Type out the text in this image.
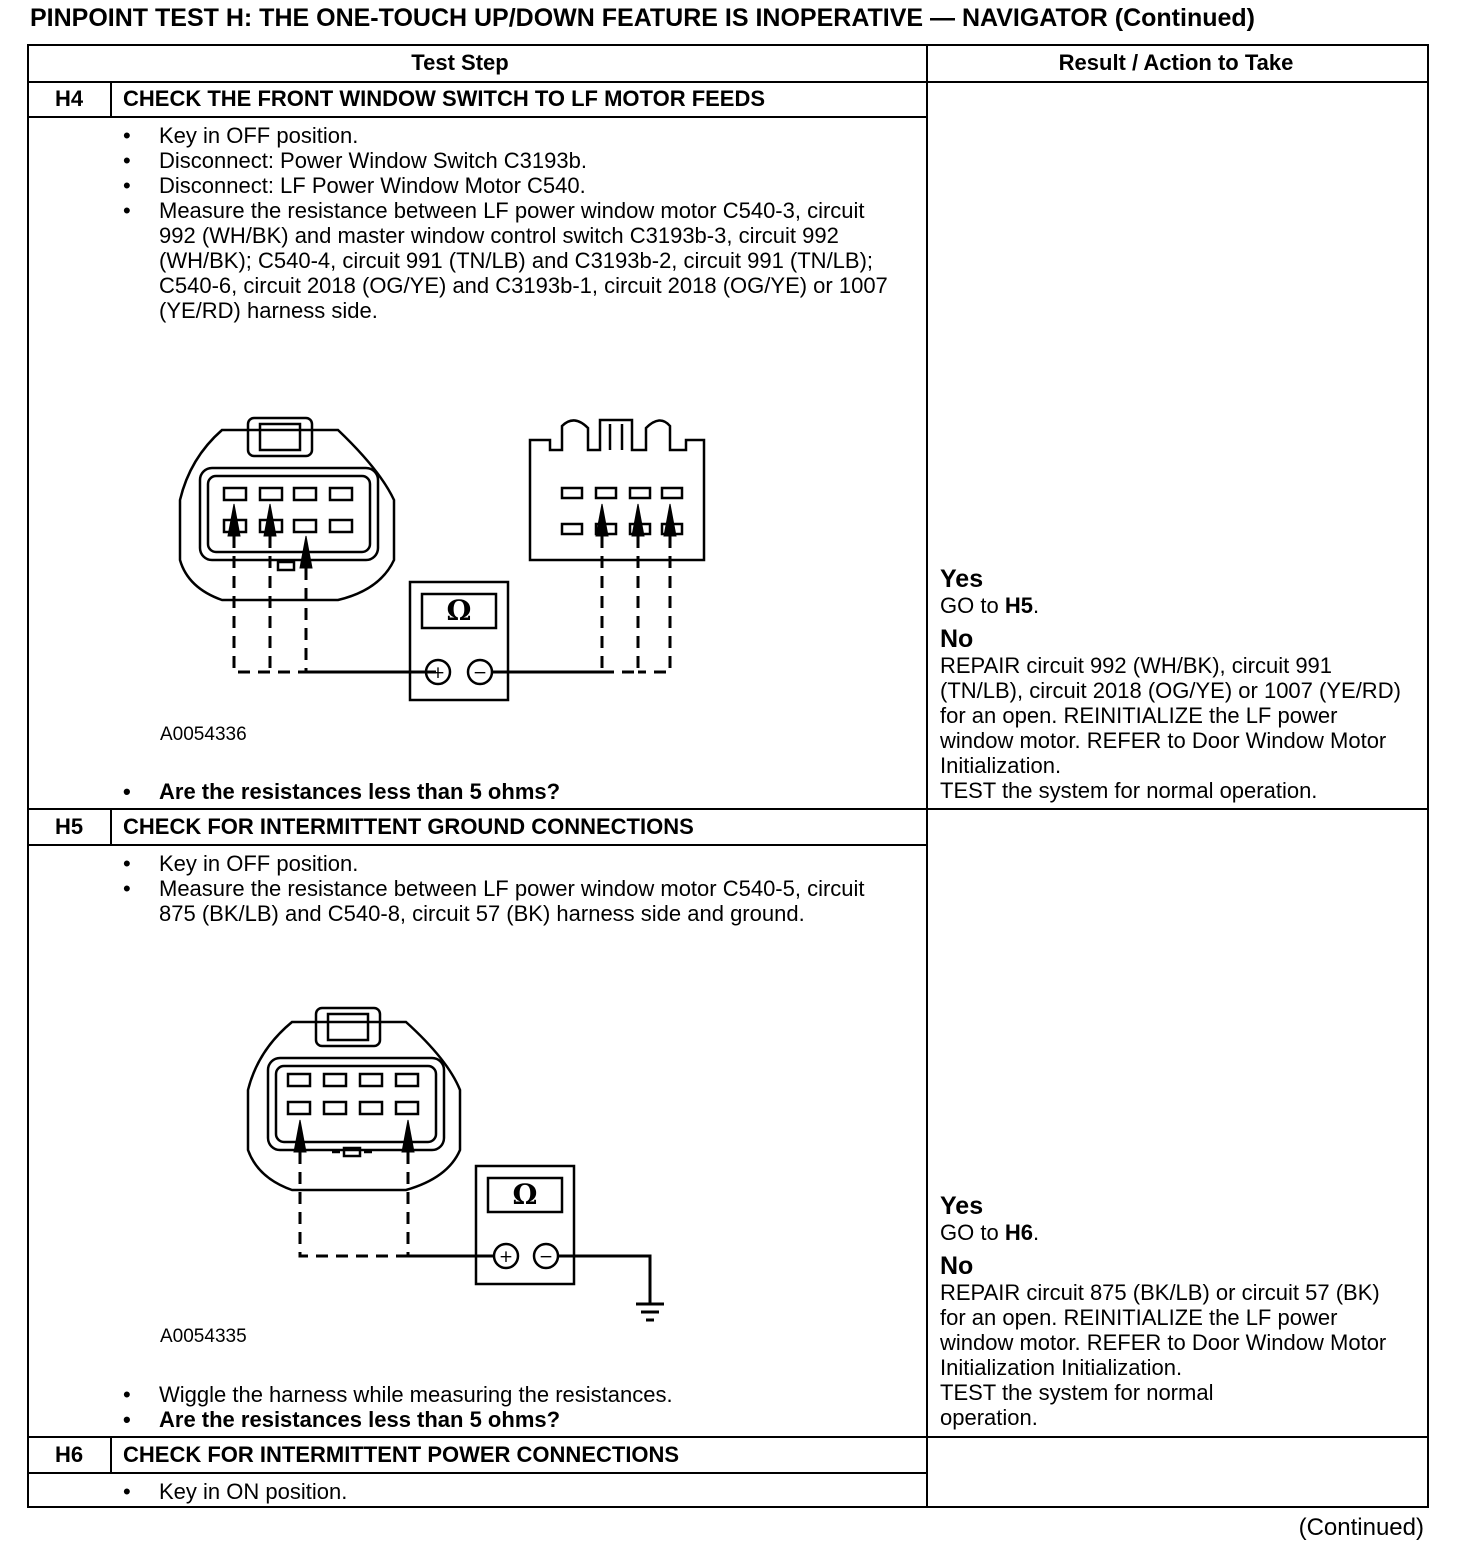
PINPOINT TEST H: THE ONE-TOUCH UP/DOWN FEATURE IS INOPERATIVE — NAVIGATOR (Continued)
Test Step	Result / Action to Take
H4	CHECK THE FRONT WINDOW SWITCH TO LF MOTOR FEEDS
• Key in OFF position.
• Disconnect: Power Window Switch C3193b.
• Disconnect: LF Power Window Motor C540.
• Measure the resistance between LF power window motor C540-3, circuit 992 (WH/BK) and master window control switch C3193b-3, circuit 992 (WH/BK); C540-4, circuit 991 (TN/LB) and C3193b-2, circuit 991 (TN/LB); C540-6, circuit 2018 (OG/YE) and C3193b-1, circuit 2018 (OG/YE) or 1007 (YE/RD) harness side.
Ω
+ −
A0054336
• Are the resistances less than 5 ohms?
Yes
GO to H5.
No
REPAIR circuit 992 (WH/BK), circuit 991 (TN/LB), circuit 2018 (OG/YE) or 1007 (YE/RD) for an open. REINITIALIZE the LF power window motor. REFER to Door Window Motor Initialization.
TEST the system for normal operation.
H5	CHECK FOR INTERMITTENT GROUND CONNECTIONS
• Key in OFF position.
• Measure the resistance between LF power window motor C540-5, circuit 875 (BK/LB) and C540-8, circuit 57 (BK) harness side and ground.
Ω
+ −
A0054335
• Wiggle the harness while measuring the resistances.
• Are the resistances less than 5 ohms?
Yes
GO to H6.
No
REPAIR circuit 875 (BK/LB) or circuit 57 (BK) for an open. REINITIALIZE the LF power window motor. REFER to Door Window Motor Initialization Initialization.
TEST the system for normal operation.
H6	CHECK FOR INTERMITTENT POWER CONNECTIONS
• Key in ON position.
(Continued)
